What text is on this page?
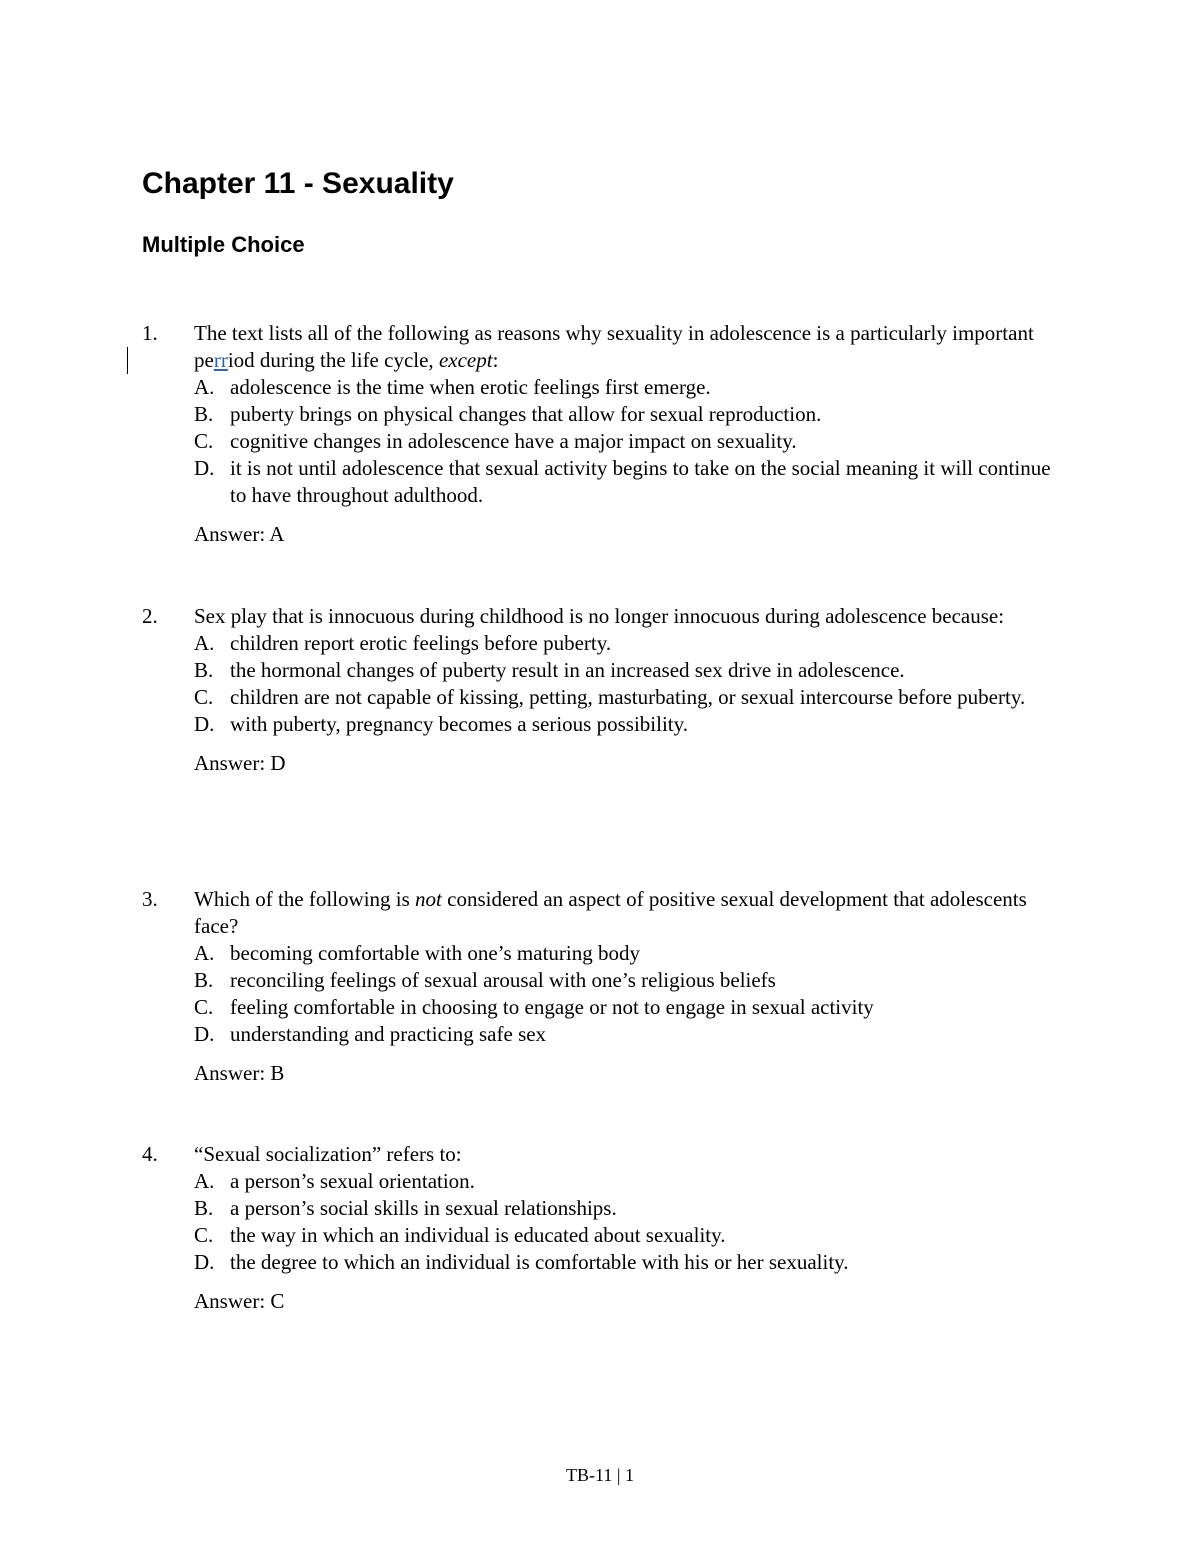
Chapter 11 - Sexuality
Multiple Choice
1. The text lists all of the following as reasons why sexuality in adolescence is a particularly important perriod during the life cycle, except:
A. adolescence is the time when erotic feelings first emerge.
B. puberty brings on physical changes that allow for sexual reproduction.
C. cognitive changes in adolescence have a major impact on sexuality.
D. it is not until adolescence that sexual activity begins to take on the social meaning it will continue to have throughout adulthood.
Answer: A
2. Sex play that is innocuous during childhood is no longer innocuous during adolescence because:
A. children report erotic feelings before puberty.
B. the hormonal changes of puberty result in an increased sex drive in adolescence.
C. children are not capable of kissing, petting, masturbating, or sexual intercourse before puberty.
D. with puberty, pregnancy becomes a serious possibility.
Answer: D
3. Which of the following is not considered an aspect of positive sexual development that adolescents face?
A. becoming comfortable with one’s maturing body
B. reconciling feelings of sexual arousal with one’s religious beliefs
C. feeling comfortable in choosing to engage or not to engage in sexual activity
D. understanding and practicing safe sex
Answer: B
4. “Sexual socialization” refers to:
A. a person’s sexual orientation.
B. a person’s social skills in sexual relationships.
C. the way in which an individual is educated about sexuality.
D. the degree to which an individual is comfortable with his or her sexuality.
Answer: C
TB-11 | 1
